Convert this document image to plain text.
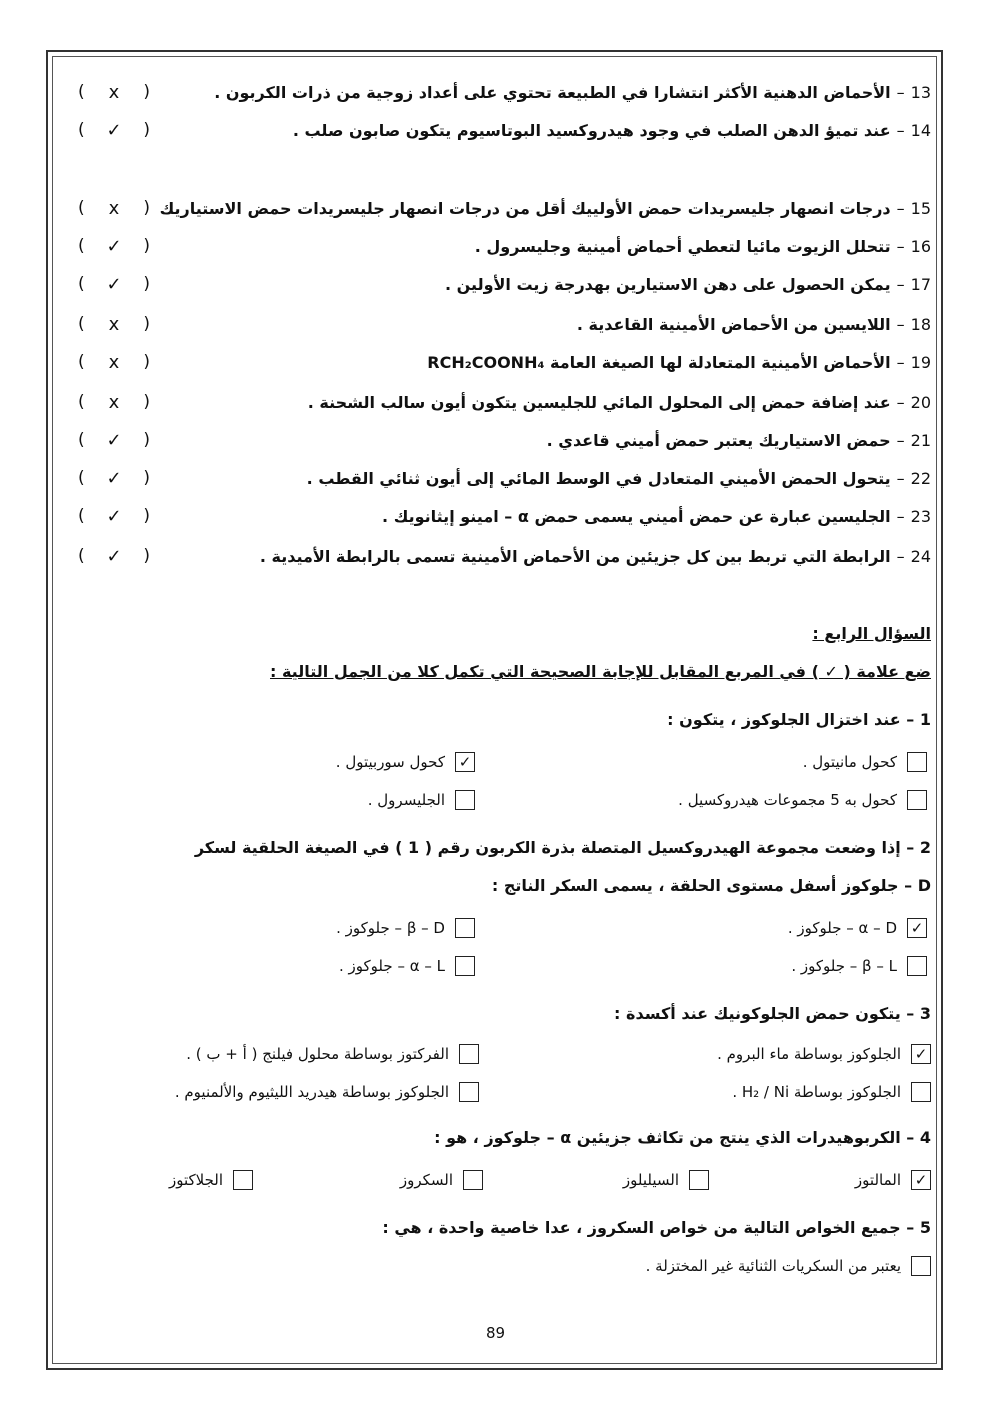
13
–
الأحماض الدهنية الأكثر انتشارا في الطبيعة تحتوي على أعداد زوجية من ذرات الكربون .
( x )
14
–
عند تميؤ الدهن الصلب في وجود هيدروكسيد البوتاسيوم يتكون صابون صلب .
( ✓ )
15
–
درجات انصهار جليسريدات حمض الأولييك أقل من درجات انصهار جليسريدات حمض الاستياريك
( x )
16
–
تتحلل الزيوت مائيا لتعطي أحماض أمينية وجليسرول .
( ✓ )
17
–
يمكن الحصول على دهن الاستيارين بهدرجة زيت الأولين .
( ✓ )
18
–
اللايسين من الأحماض الأمينية القاعدية .
( x )
19
–
الأحماض الأمينية المتعادلة لها الصيغة العامة RCH₂COONH₄
( x )
20
–
عند إضافة حمض إلى المحلول المائي للجليسين يتكون أيون سالب الشحنة .
( x )
21
–
حمض الاستياريك يعتبر حمض أميني قاعدي .
( ✓ )
22
–
يتحول الحمض الأميني المتعادل في الوسط المائي إلى أيون ثنائي القطب .
( ✓ )
23
–
الجليسين عبارة عن حمض أميني يسمى حمض α – امينو إيثانويك .
( ✓ )
24
–
الرابطة التي تربط بين كل جزيئين من الأحماض الأمينية تسمى بالرابطة الأميدية .
( ✓ )
السؤال الرابع :
ضع علامة ( ✓ ) في المربع المقابل للإجابة الصحيحة التي تكمل كلا من الجمل التالية :
1 – عند اختزال الجلوكوز ، يتكون :
كحول مانيتول .
✓
كحول سوربيتول .
كحول به 5 مجموعات هيدروكسيل .
الجليسرول .
2 – إذا وضعت مجموعة الهيدروكسيل المتصلة بذرة الكربون رقم ( 1 ) في الصيغة الحلقية لسكر
D – جلوكوز أسفل مستوى الحلقة ، يسمى السكر الناتج :
✓
α – D – جلوكوز .
β – D – جلوكوز .
β – L – جلوكوز .
α – L – جلوكوز .
3 – يتكون حمض الجلوكونيك عند أكسدة :
✓
الجلوكوز بوساطة ماء البروم .
الفركتوز بوساطة محلول فيلنج ( أ + ب ) .
الجلوكوز بوساطة H₂ / Ni .
الجلوكوز بوساطة هيدريد الليثيوم والألمنيوم .
4 – الكربوهيدرات الذي ينتج من تكاثف جزيئين α – جلوكوز ، هو :
✓
المالتوز
السيليلوز
السكروز
الجلاكتوز
5 – جميع الخواص التالية من خواص السكروز ، عدا خاصية واحدة ، هي :
يعتبر من السكريات الثنائية غير المختزلة .
89
